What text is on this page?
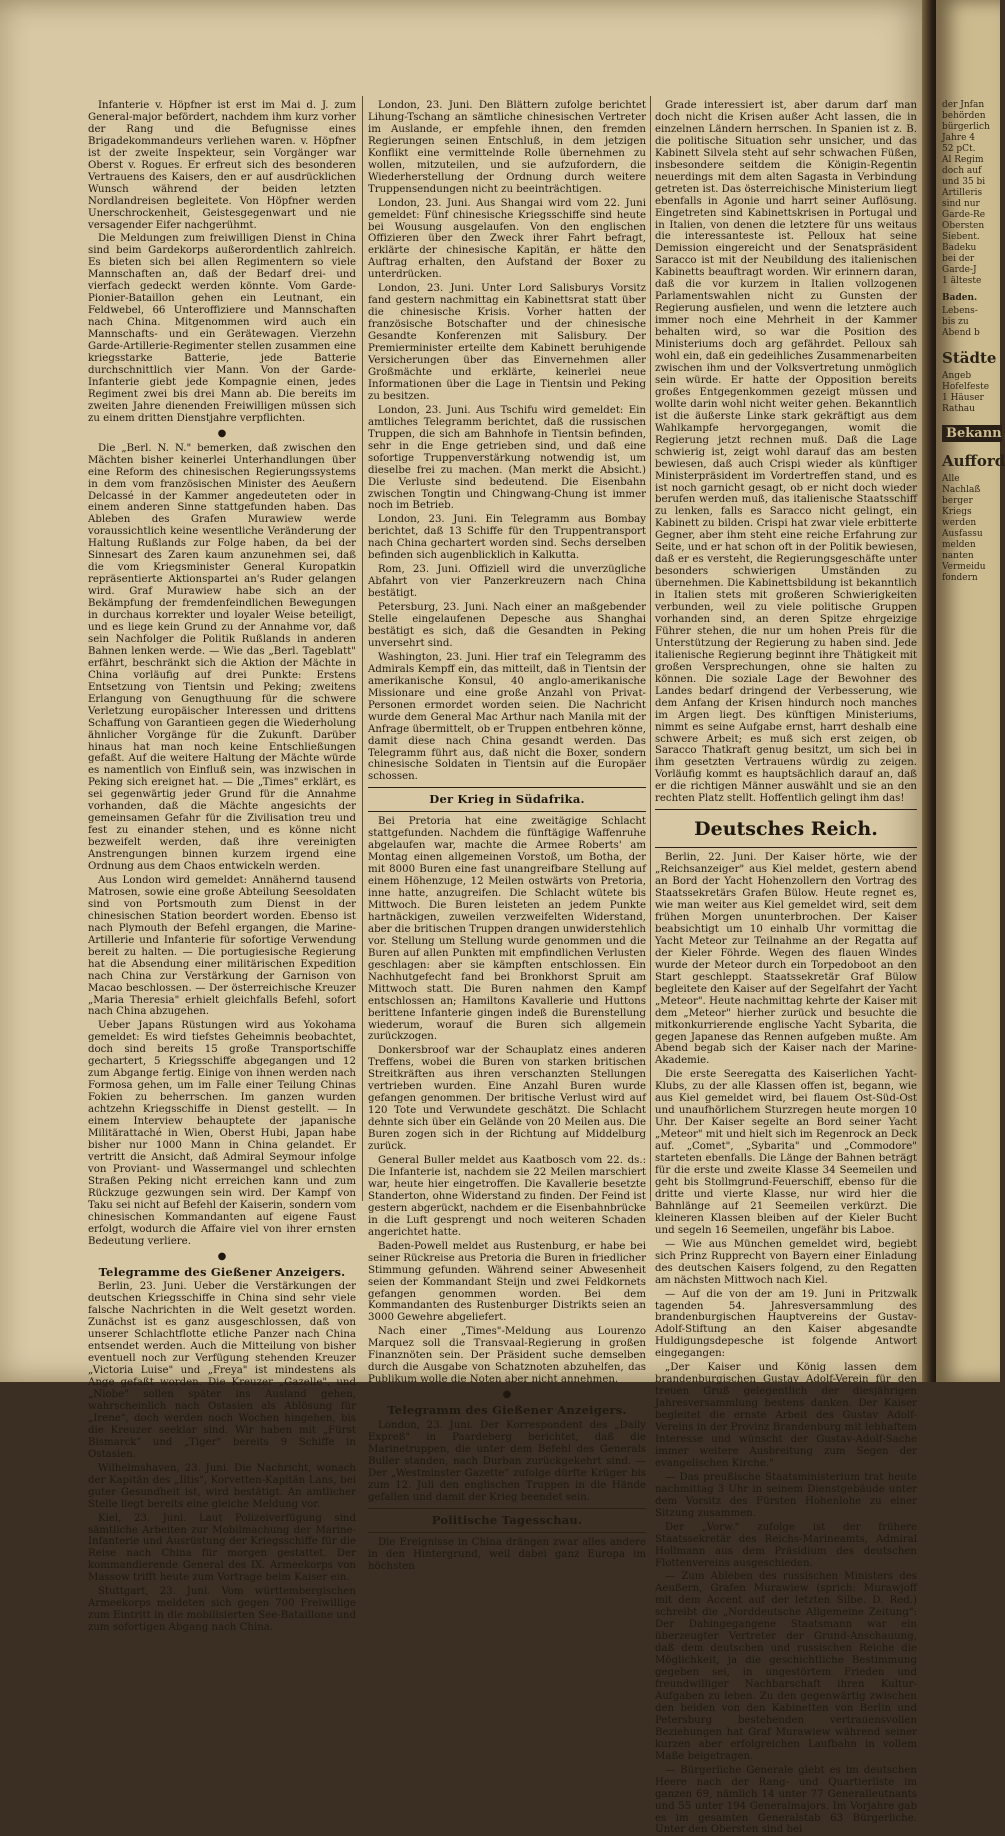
Infanterie v. Höpfner ist erst im Mai d. J. zum General-major befördert, nachdem ihm kurz vorher der Rang und die Befugnisse eines Brigadekommandeurs verliehen waren. v. Höpfner ist der zweite Inspekteur, sein Vorgänger war Oberst v. Rogues. Er erfreut sich des besonderen Vertrauens des Kaisers, den er auf ausdrücklichen Wunsch während der beiden letzten Nordlandreisen begleitete. Von Höpfner werden Unerschrockenheit, Geistesgegenwart und nie versagender Eifer nachgerühmt.

Die Meldungen zum freiwilligen Dienst in China sind beim Gardekorps außerordentlich zahlreich. Es bieten sich bei allen Regimentern so viele Mannschaften an, daß der Bedarf drei- und vierfach gedeckt werden könnte. Vom Garde-Pionier-Bataillon gehen ein Leutnant, ein Feldwebel, 66 Unteroffiziere und Mannschaften nach China. Mitgenommen wird auch ein Mannschafts- und ein Gerätewagen. Vierzehn Garde-Artillerie-Regimenter stellen zusammen eine kriegsstarke Batterie, jede Batterie durchschnittlich vier Mann. Von der Garde-Infanterie giebt jede Kompagnie einen, jedes Regiment zwei bis drei Mann ab. Die bereits im zweiten Jahre dienenden Freiwilligen müssen sich zu einem dritten Dienstjahre verpflichten.

●

Die „Berl. N. N." bemerken, daß zwischen den Mächten bisher keinerlei Unterhandlungen über eine Reform des chinesischen Regierungssystems in dem vom französischen Minister des Aeußern Delcassé in der Kammer angedeuteten oder in einem anderen Sinne stattgefunden haben. Das Ableben des Grafen Murawiew werde voraussichtlich keine wesentliche Veränderung der Haltung Rußlands zur Folge haben, da bei der Sinnesart des Zaren kaum anzunehmen sei, daß die vom Kriegsminister General Kuropatkin repräsentierte Aktionspartei an's Ruder gelangen wird. Graf Murawiew habe sich an der Bekämpfung der fremdenfeindlichen Bewegungen in durchaus korrekter und loyaler Weise beteiligt, und es liege kein Grund zu der Annahme vor, daß sein Nachfolger die Politik Rußlands in anderen Bahnen lenken werde. — Wie das „Berl. Tageblatt" erfährt, beschränkt sich die Aktion der Mächte in China vorläufig auf drei Punkte: Erstens Entsetzung von Tientsin und Peking; zweitens Erlangung von Genugthuung für die schwere Verletzung europäischer Interessen und drittens Schaffung von Garantieen gegen die Wiederholung ähnlicher Vorgänge für die Zukunft. Darüber hinaus hat man noch keine Entschließungen gefaßt. Auf die weitere Haltung der Mächte würde es namentlich von Einfluß sein, was inzwischen in Peking sich ereignet hat. — Die „Times" erklärt, es sei gegenwärtig jeder Grund für die Annahme vorhanden, daß die Mächte angesichts der gemeinsamen Gefahr für die Zivilisation treu und fest zu einander stehen, und es könne nicht bezweifelt werden, daß ihre vereinigten Anstrengungen binnen kurzem irgend eine Ordnung aus dem Chaos entwickeln werden.

Aus London wird gemeldet: Annähernd tausend Matrosen, sowie eine große Abteilung Seesoldaten sind von Portsmouth zum Dienst in der chinesischen Station beordert worden. Ebenso ist nach Plymouth der Befehl ergangen, die Marine-Artillerie und Infanterie für sofortige Verwendung bereit zu halten. — Die portugiesische Regierung hat die Absendung einer militärischen Expedition nach China zur Verstärkung der Garnison von Macao beschlossen. — Der österreichische Kreuzer „Maria Theresia" erhielt gleichfalls Befehl, sofort nach China abzugehen.

Ueber Japans Rüstungen wird aus Yokohama gemeldet: Es wird tiefstes Geheimnis beobachtet, doch sind bereits 15 große Transportschiffe gechartert, 5 Kriegsschiffe abgegangen und 12 zum Abgange fertig. Einige von ihnen werden nach Formosa gehen, um im Falle einer Teilung Chinas Fokien zu beherrschen. Im ganzen wurden achtzehn Kriegsschiffe in Dienst gestellt. — In einem Interview behauptete der japanische Militärattaché in Wien, Oberst Hubi, Japan habe bisher nur 1000 Mann in China gelandet. Er vertritt die Ansicht, daß Admiral Seymour infolge von Proviant- und Wassermangel und schlechten Straßen Peking nicht erreichen kann und zum Rückzuge gezwungen sein wird. Der Kampf von Taku sei nicht auf Befehl der Kaiserin, sondern vom chinesischen Kommandanten auf eigene Faust erfolgt, wodurch die Affaire viel von ihrer ernsten Bedeutung verliere.

●
Telegramme des Gießener Anzeigers.

Berlin, 23. Juni. Ueber die Verstärkungen der deutschen Kriegsschiffe in China sind sehr viele falsche Nachrichten in die Welt gesetzt worden. Zunächst ist es ganz ausgeschlossen, daß von unserer Schlachtflotte etliche Panzer nach China entsendet werden. Auch die Mitteilung von bisher eventuell noch zur Verfügung stehenden Kreuzer „Victoria Luise" und „Freya" ist mindestens als Ange gefaßt worden. Die Kreuzer „Gazelle", und „Niobe" sollen später ins Ausland gehen, wahrscheinlich nach Ostasien als Ablösung für „Irene", doch werden noch Wochen hingehen, bis die Kreuzer seeklar sind. Wir haben mit „Fürst Bismarck" und „Tiger" bereits 9 Schiffe in Ostasien.

Wilhelmshaven, 23. Juni. Die Nachricht, wonach der Kapitän des „Iltis", Korvetten-Kapitän Lans, bei guter Gesundheit ist, wird bestätigt. An amtlicher Stelle liegt bereits eine gleiche Meldung vor.

Kiel, 23. Juni. Laut Polizeiverfügung sind sämtliche Arbeiten zur Mobilmachung der Marine-Infanterie und Ausrüstung der Kriegsschiffe für die Reise nach China für morgen gestattet. Der kommandierende General des IX. Armeekorps von Massow trifft heute zum Vortrage beim Kaiser ein.

Stuttgart, 23. Juni. Vom württembergischen Armeekorps meldeten sich gegen 700 Freiwillige zum Eintritt in die mobilisierten See-Bataillone und zum sofortigen Abgang nach China.

London, 23. Juni. Den Blättern zufolge berichtet Lihung-Tschang an sämtliche chinesischen Vertreter im Auslande, er empfehle ihnen, den fremden Regierungen seinen Entschluß, in dem jetzigen Konflikt eine vermittelnde Rolle übernehmen zu wollen, mitzuteilen, und sie aufzufordern, die Wiederherstellung der Ordnung durch weitere Truppensendungen nicht zu beeinträchtigen.

London, 23. Juni. Aus Shangai wird vom 22. Juni gemeldet: Fünf chinesische Kriegsschiffe sind heute bei Wousung ausgelaufen. Von den englischen Offizieren über den Zweck ihrer Fahrt befragt, erklärte der chinesische Kapitän, er hätte den Auftrag erhalten, den Aufstand der Boxer zu unterdrücken.

London, 23. Juni. Unter Lord Salisburys Vorsitz fand gestern nachmittag ein Kabinettsrat statt über die chinesische Krisis. Vorher hatten der französische Botschafter und der chinesische Gesandte Konferenzen mit Salisbury. Der Premierminister erteilte dem Kabinett beruhigende Versicherungen über das Einvernehmen aller Großmächte und erklärte, keinerlei neue Informationen über die Lage in Tientsin und Peking zu besitzen.

London, 23. Juni. Aus Tschifu wird gemeldet: Ein amtliches Telegramm berichtet, daß die russischen Truppen, die sich am Bahnhofe in Tientsin befinden, sehr in die Enge getrieben sind, und daß eine sofortige Truppenverstärkung notwendig ist, um dieselbe frei zu machen. (Man merkt die Absicht.) Die Verluste sind bedeutend. Die Eisenbahn zwischen Tongtin und Chingwang-Chung ist immer noch im Betrieb.

London, 23. Juni. Ein Telegramm aus Bombay berichtet, daß 13 Schiffe für den Truppentransport nach China gechartert worden sind. Sechs derselben befinden sich augenblicklich in Kalkutta.

Rom, 23. Juni. Offiziell wird die unverzügliche Abfahrt von vier Panzerkreuzern nach China bestätigt.

Petersburg, 23. Juni. Nach einer an maßgebender Stelle eingelaufenen Depesche aus Shanghai bestätigt es sich, daß die Gesandten in Peking unversehrt sind.

Washington, 23. Juni. Hier traf ein Telegramm des Admirals Kempff ein, das mitteilt, daß in Tientsin der amerikanische Konsul, 40 anglo-amerikanische Missionare und eine große Anzahl von Privat-Personen ermordet worden seien. Die Nachricht wurde dem General Mac Arthur nach Manila mit der Anfrage übermittelt, ob er Truppen entbehren könne, damit diese nach China gesandt werden. Das Telegramm führt aus, daß nicht die Boxer, sondern chinesische Soldaten in Tientsin auf die Europäer schossen.

Der Krieg in Südafrika.

Bei Pretoria hat eine zweitägige Schlacht stattgefunden. Nachdem die fünftägige Waffenruhe abgelaufen war, machte die Armee Roberts' am Montag einen allgemeinen Vorstoß, um Botha, der mit 8000 Buren eine fast unangreifbare Stellung auf einem Höhenzuge, 12 Meilen ostwärts von Pretoria, inne hatte, anzugreifen. Die Schlacht wütete bis Mittwoch. Die Buren leisteten an jedem Punkte hartnäckigen, zuweilen verzweifelten Widerstand, aber die britischen Truppen drangen unwiderstehlich vor. Stellung um Stellung wurde genommen und die Buren auf allen Punkten mit empfindlichen Verlusten geschlagen: aber sie kämpften entschlossen. Ein Nachhutgefecht fand bei Bronkhorst Spruit am Mittwoch statt. Die Buren nahmen den Kampf entschlossen an; Hamiltons Kavallerie und Huttons berittene Infanterie gingen indeß die Burenstellung wiederum, worauf die Buren sich allgemein zurückzogen.

Donkersbroof war der Schauplatz eines anderen Treffens, wobei die Buren von starken britischen Streitkräften aus ihren verschanzten Stellungen vertrieben wurden. Eine Anzahl Buren wurde gefangen genommen. Der britische Verlust wird auf 120 Tote und Verwundete geschätzt. Die Schlacht dehnte sich über ein Gelände von 20 Meilen aus. Die Buren zogen sich in der Richtung auf Middelburg zurück.

General Buller meldet aus Kaatbosch vom 22. ds.: Die Infanterie ist, nachdem sie 22 Meilen marschiert war, heute hier eingetroffen. Die Kavallerie besetzte Standerton, ohne Widerstand zu finden. Der Feind ist gestern abgerückt, nachdem er die Eisenbahnbrücke in die Luft gesprengt und noch weiteren Schaden angerichtet hatte.

Baden-Powell meldet aus Rustenburg, er habe bei seiner Rückreise aus Pretoria die Buren in friedlicher Stimmung gefunden. Während seiner Abwesenheit seien der Kommandant Steijn und zwei Feldkornets gefangen genommen worden. Bei dem Kommandanten des Rustenburger Distrikts seien an 3000 Gewehre abgeliefert.

Nach einer „Times"-Meldung aus Lourenzo Marquez soll die Transvaal-Regierung in großen Finanznöten sein. Der Präsident suche demselben durch die Ausgabe von Schatznoten abzuhelfen, das Publikum wolle die Noten aber nicht annehmen.

●
Telegramm des Gießener Anzeigers.

London, 23. Juni. Der Korrespondent des „Daily Expreß" in Paardeberg berichtet, daß die Marinetruppen, die unter dem Befehl des Generals Buller standen, nach Durban zurückgekehrt sind. — Der „Westminster Gazette" zufolge dürfte Krüger bis zum 12. Juli den englischen Truppen in die Hände gefallen und damit der Krieg beendet sein.

Politische Tagesschau.

Die Ereignisse in China drängen zwar alles andere in den Hintergrund, weil dabei ganz Europa im höchsten

Grade interessiert ist, aber darum darf man doch nicht die Krisen außer Acht lassen, die in einzelnen Ländern herrschen. In Spanien ist z. B. die politische Situation sehr unsicher, und das Kabinett Silvela steht auf sehr schwachen Füßen, insbesondere seitdem die Königin-Regentin neuerdings mit dem alten Sagasta in Verbindung getreten ist. Das österreichische Ministerium liegt ebenfalls in Agonie und harrt seiner Auflösung. Eingetreten sind Kabinettskrisen in Portugal und in Italien, von denen die letztere für uns weitaus die interessanteste ist. Pelloux hat seine Demission eingereicht und der Senatspräsident Saracco ist mit der Neubildung des italienischen Kabinetts beauftragt worden. Wir erinnern daran, daß die vor kurzem in Italien vollzogenen Parlamentswahlen nicht zu Gunsten der Regierung ausfielen, und wenn die letztere auch immer noch eine Mehrheit in der Kammer behalten wird, so war die Position des Ministeriums doch arg gefährdet. Pelloux sah wohl ein, daß ein gedeihliches Zusammenarbeiten zwischen ihm und der Volksvertretung unmöglich sein würde. Er hatte der Opposition bereits großes Entgegenkommen gezeigt müssen und wollte darin wohl nicht weiter gehen. Bekanntlich ist die äußerste Linke stark gekräftigt aus dem Wahlkampfe hervorgegangen, womit die Regierung jetzt rechnen muß. Daß die Lage schwierig ist, zeigt wohl darauf das am besten bewiesen, daß auch Crispi wieder als künftiger Ministerpräsident im Vordertreffen stand, und es ist noch garnicht gesagt, ob er nicht doch wieder berufen werden muß, das italienische Staatsschiff zu lenken, falls es Saracco nicht gelingt, ein Kabinett zu bilden. Crispi hat zwar viele erbitterte Gegner, aber ihm steht eine reiche Erfahrung zur Seite, und er hat schon oft in der Politik bewiesen, daß er es versteht, die Regierungsgeschäfte unter besonders schwierigen Umständen zu übernehmen. Die Kabinettsbildung ist bekanntlich in Italien stets mit großeren Schwierigkeiten verbunden, weil zu viele politische Gruppen vorhanden sind, an deren Spitze ehrgeizige Führer stehen, die nur um hohen Preis für die Unterstützung der Regierung zu haben sind. Jede italienische Regierung beginnt ihre Thätigkeit mit großen Versprechungen, ohne sie halten zu können. Die soziale Lage der Bewohner des Landes bedarf dringend der Verbesserung, wie dem Anfang der Krisen hindurch noch manches im Argen liegt. Des künftigen Ministeriums, nimmt es seine Aufgabe ernst, harrt deshalb eine schwere Arbeit; es muß sich erst zeigen, ob Saracco Thatkraft genug besitzt, um sich bei in ihm gesetzten Vertrauens würdig zu zeigen. Vorläufig kommt es hauptsächlich darauf an, daß er die richtigen Männer auswählt und sie an den rechten Platz stellt. Hoffentlich gelingt ihm das!

Deutsches Reich.

Berlin, 22. Juni. Der Kaiser hörte, wie der „Reichsanzeiger" aus Kiel meldet, gestern abend an Bord der Yacht Hohenzollern den Vortrag des Staatssekretärs Grafen Bülow. Heute regnet es, wie man weiter aus Kiel gemeldet wird, seit dem frühen Morgen ununterbrochen. Der Kaiser beabsichtigt um 10 einhalb Uhr vormittag die Yacht Meteor zur Teilnahme an der Regatta auf der Kieler Föhrde. Wegen des flauen Windes wurde der Meteor durch ein Torpedoboot an den Start geschleppt. Staatssekretär Graf Bülow begleitete den Kaiser auf der Segelfahrt der Yacht „Meteor". Heute nachmittag kehrte der Kaiser mit dem „Meteor" hierher zurück und besuchte die mitkonkurrierende englische Yacht Sybarita, die gegen Japanese das Rennen aufgeben mußte. Am Abend begab sich der Kaiser nach der Marine-Akademie.

Die erste Seeregatta des Kaiserlichen Yacht-Klubs, zu der alle Klassen offen ist, begann, wie aus Kiel gemeldet wird, bei flauem Ost-Süd-Ost und unaufhörlichem Sturzregen heute morgen 10 Uhr. Der Kaiser segelte an Bord seiner Yacht „Meteor" mit und hielt sich im Regenrock an Deck auf. „Comet", „Sybarita" und „Commodore" starteten ebenfalls. Die Länge der Bahnen beträgt für die erste und zweite Klasse 34 Seemeilen und geht bis Stollmgrund-Feuerschiff, ebenso für die dritte und vierte Klasse, nur wird hier die Bahnlänge auf 21 Seemeilen verkürzt. Die kleineren Klassen bleiben auf der Kieler Bucht und segeln 16 Seemeilen, ungefähr bis Laboe.

— Wie aus München gemeldet wird, begiebt sich Prinz Rupprecht von Bayern einer Einladung des deutschen Kaisers folgend, zu den Regatten am nächsten Mittwoch nach Kiel.

— Auf die von der am 19. Juni in Pritzwalk tagenden 54. Jahresversammlung des brandenburgischen Hauptvereins der Gustav-Adolf-Stiftung an den Kaiser abgesandte Huldigungsdepesche ist folgende Antwort eingegangen:

„Der Kaiser und König lassen dem brandenburgischen Gustav Adolf-Verein für den treuen Gruß gelegentlich der diesjährigen Jahresversammlung bestens danken. Der Kaiser begleitet die ernste Arbeit des Gustav Adolf-Vereins in der Provinz Brandenburg mit lebhaftem Interesse und wünscht der Gustav-Adolf-Sache immer weitere Ausbreitung zum Segen der evangelischen Kirche."

— Das preußische Staatsministerium trat heute nachmittag 3 Uhr in seinem Dienstgebäude unter dem Vorsitz des Fürsten Hohenlohe zu einer Sitzung zusammen.

Der „Vorw." zufolge ist der frühere Staatssekretär des Reichs-Marineamts, Admiral Hollmann aus dem Präsidium des deutschen Flottenvereins ausgeschieden.

— Zum Ableben des russischen Ministers des Aeußern, Grafen Murawiew (sprich: Murawjoff mit dem Accent auf der letzten Silbe. D. Red.) schreibt die „Norddeutsche Allgemeine Zeitung": Der Dahingegangene Staatsmann war ein überzeugter Vertreter der Grund-Anschauung, daß dem deutschen und russischen Reiche die Möglichkeit, ja die geschichtliche Bestimmung gegeben sei, in ungestörtem Frieden und freundwilliger Nachbarschaft ihren Kultur-Aufgaben zu leben. Zu den gegenwärtig zwischen den beiden von den Kabinetten von Berlin und Petersburg bestehenden vertrauensvollen Beziehungen hat Graf Murawiew während seiner kurzen aber erfolgreichen Laufbahn in vollem Maße beigetragen.

— Bürgerliche Generale giebt es im deutschen Heere nach der Rang- und Quartierliste im ganzen 69, nämlich 14 unter 77 Generalleutnants und 55 unter 194 Generalmajors. Im Vorjahre gab es im gesamten Generalstab 63 Bürgerliche. Unter den Obersten sind bei

der Jnfan
behörden
bürgerlich
Jahre 4
52 pCt.
Al Regim
doch auf
und 35 bi
Artilleris
sind nur
Garde-Re
Obersten
Siebent.
Badeku
bei der
Garde-J
1 älteste
Baden.
Lebens-
bis zu
Abend b
Städte
Angeb
Hofelfeste
1 Häuser
Rathau
Bekann
Aufford
Alle
Nachlaß
berger
Kriegs
werden
Ausfassu
melden
nanten
Vermeidu
fondern
